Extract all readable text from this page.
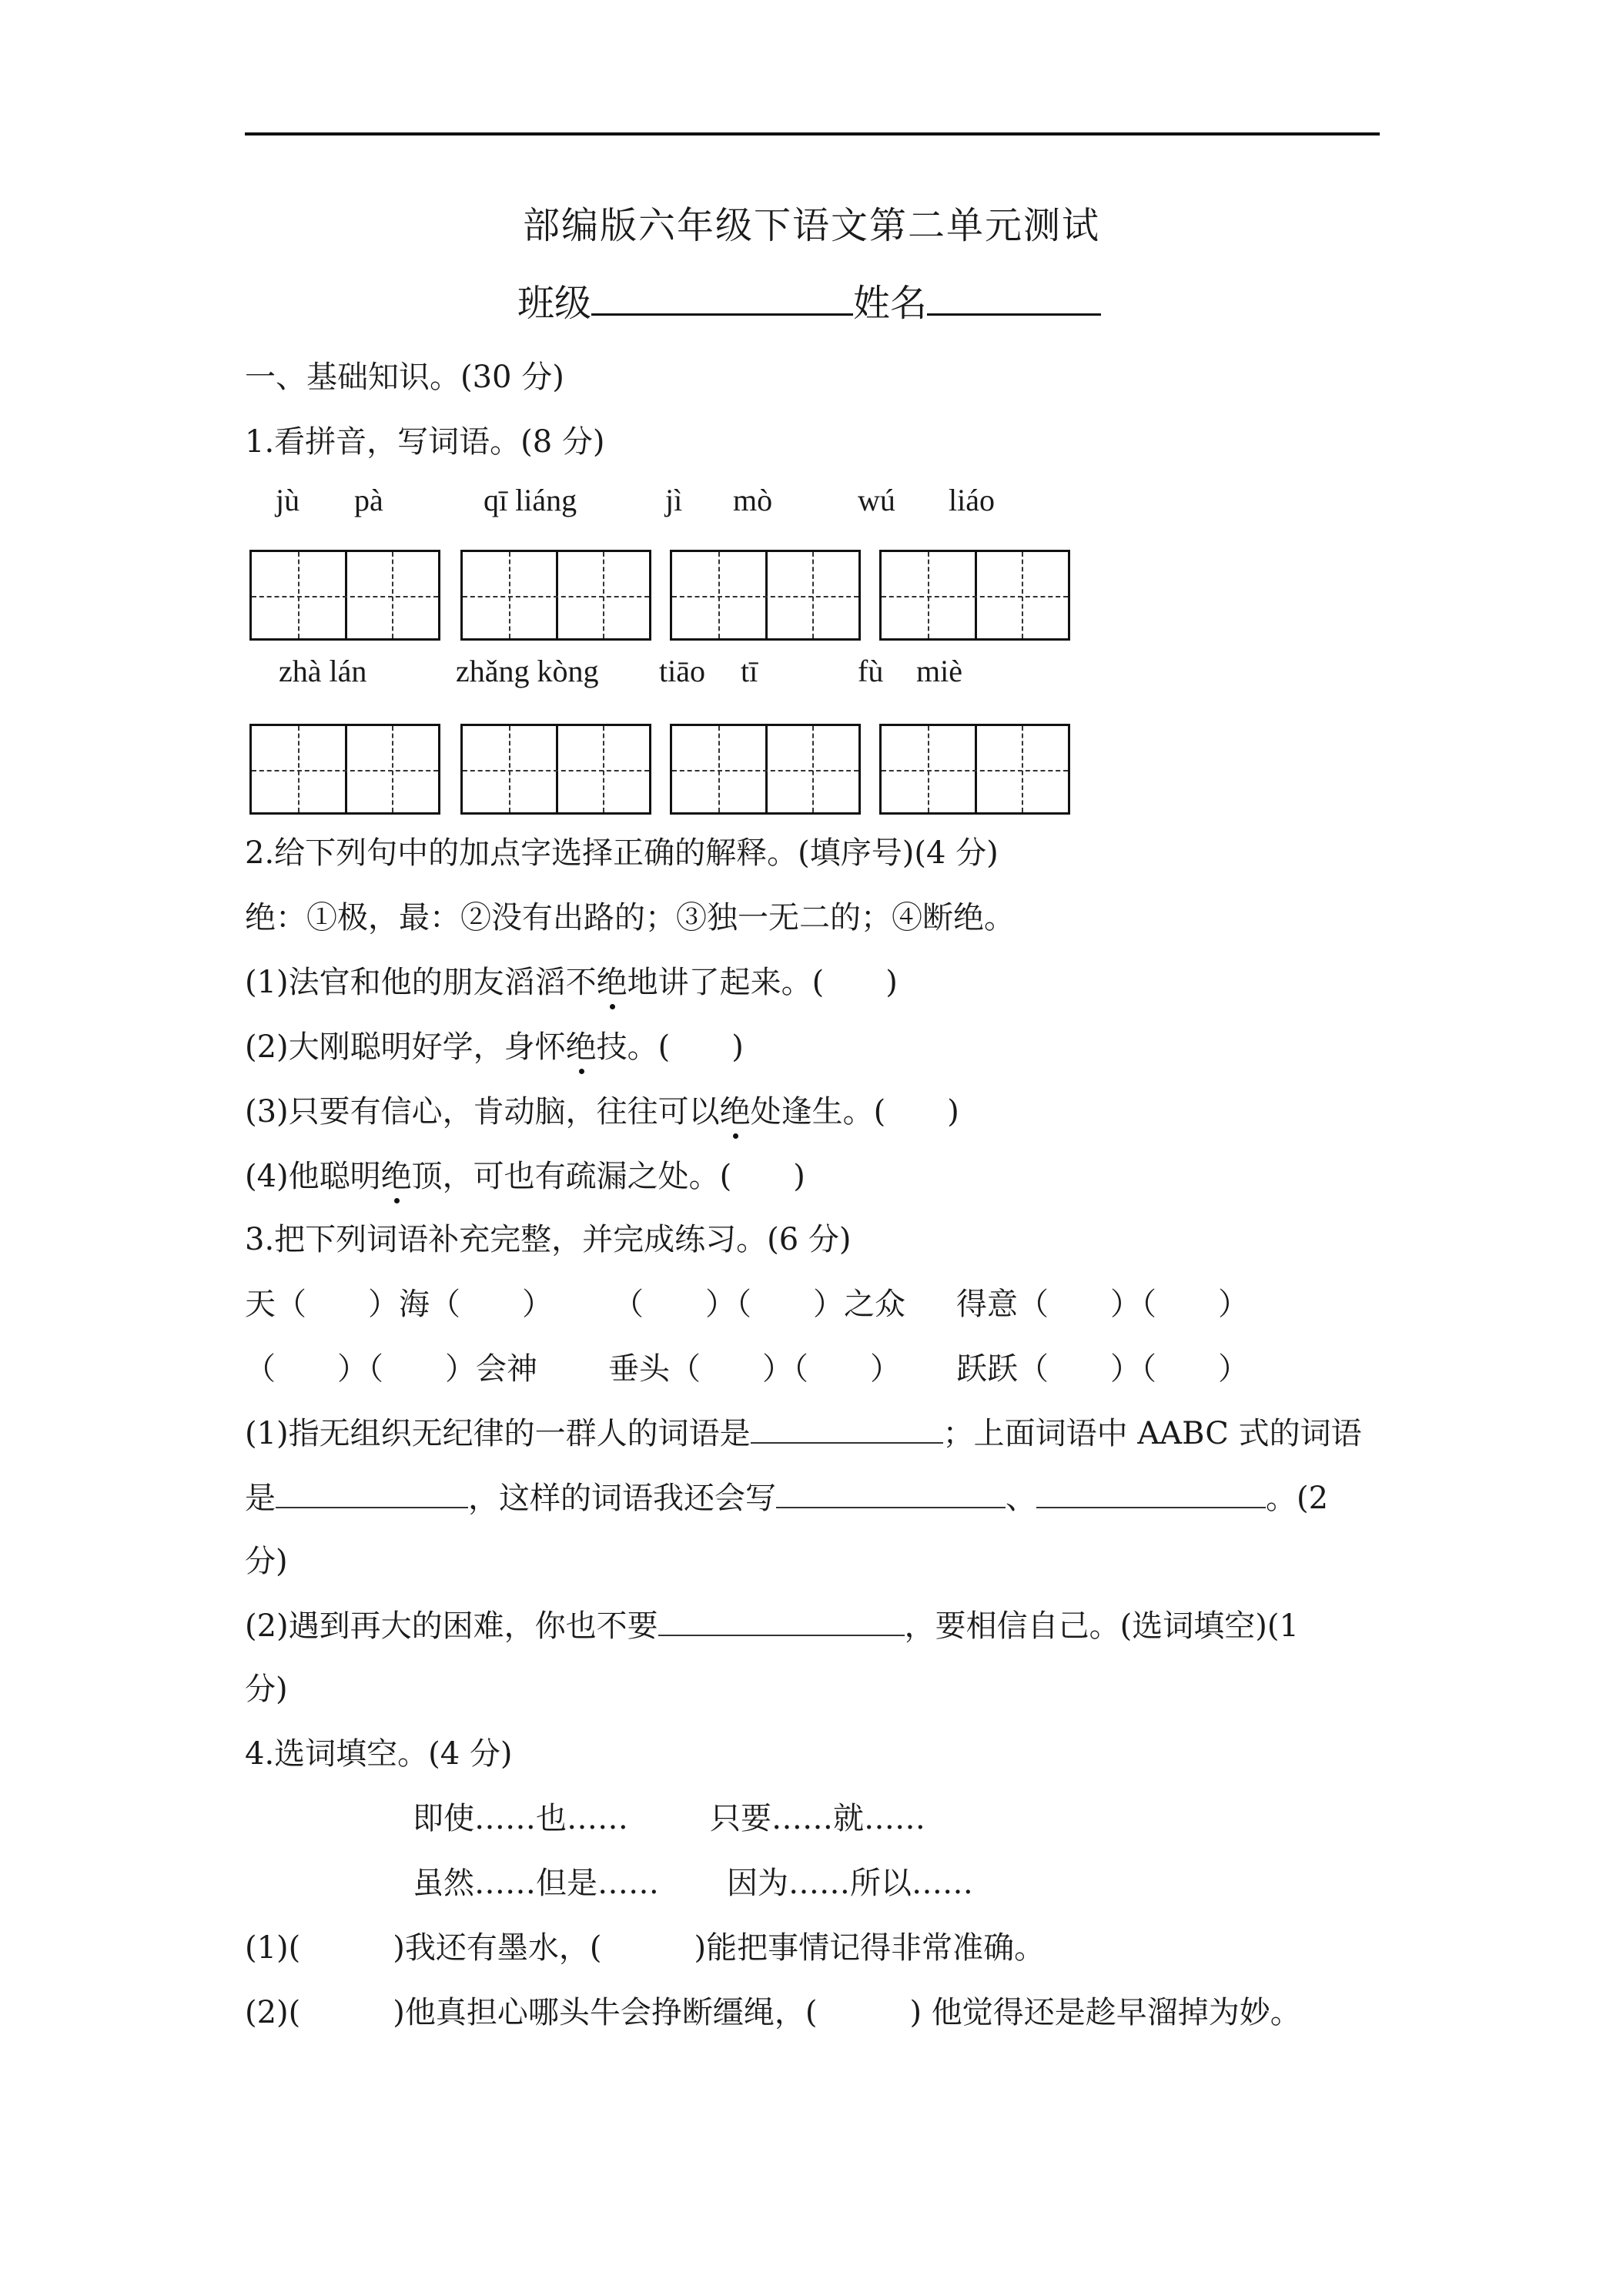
部编版六年级下语文第二单元测试
班级	姓名
一、基础知识。(30 分)
1.看拼音，写词语。(8 分)
jù pà	qī liáng	jì mò	wú liáo
zhà lán	zhǎng kòng tiāo tī	fù miè
2.给下列句中的加点字选择正确的解释。(填序号)(4 分)
绝：①极，最：②没有出路的；③独一无二的；④断绝。
(1)法官和他的朋友滔滔不绝地讲了起来。(　　)
(2)大刚聪明好学，身怀绝技。(　　)
(3)只要有信心，肯动脑，往往可以绝处逢生。(　　)
(4)他聪明绝顶，可也有疏漏之处。(　　)
3.把下列词语补充完整，并完成练习。(6 分)
天（　　）海（　　） （　　）（　　）之众 得意（　　）（　　）
（　　）（　　）会神 垂头（　　）（　　） 跃跃（　　）（　　）
(1)指无组织无纪律的一群人的词语是	；上面词语中 AABC 式的词语
是	，这样的词语我还会写	、	。(2
分)
(2)遇到再大的困难，你也不要	，要相信自己。(选词填空)(1
分)
4.选词填空。(4 分)
即使……也……	只要……就……
虽然……但是…… 因为……所以……
(1)(　　　)我还有墨水，(　　　)能把事情记得非常准确。
(2)(　　　)他真担心哪头牛会挣断缰绳，(　　　) 他觉得还是趁早溜掉为妙。
